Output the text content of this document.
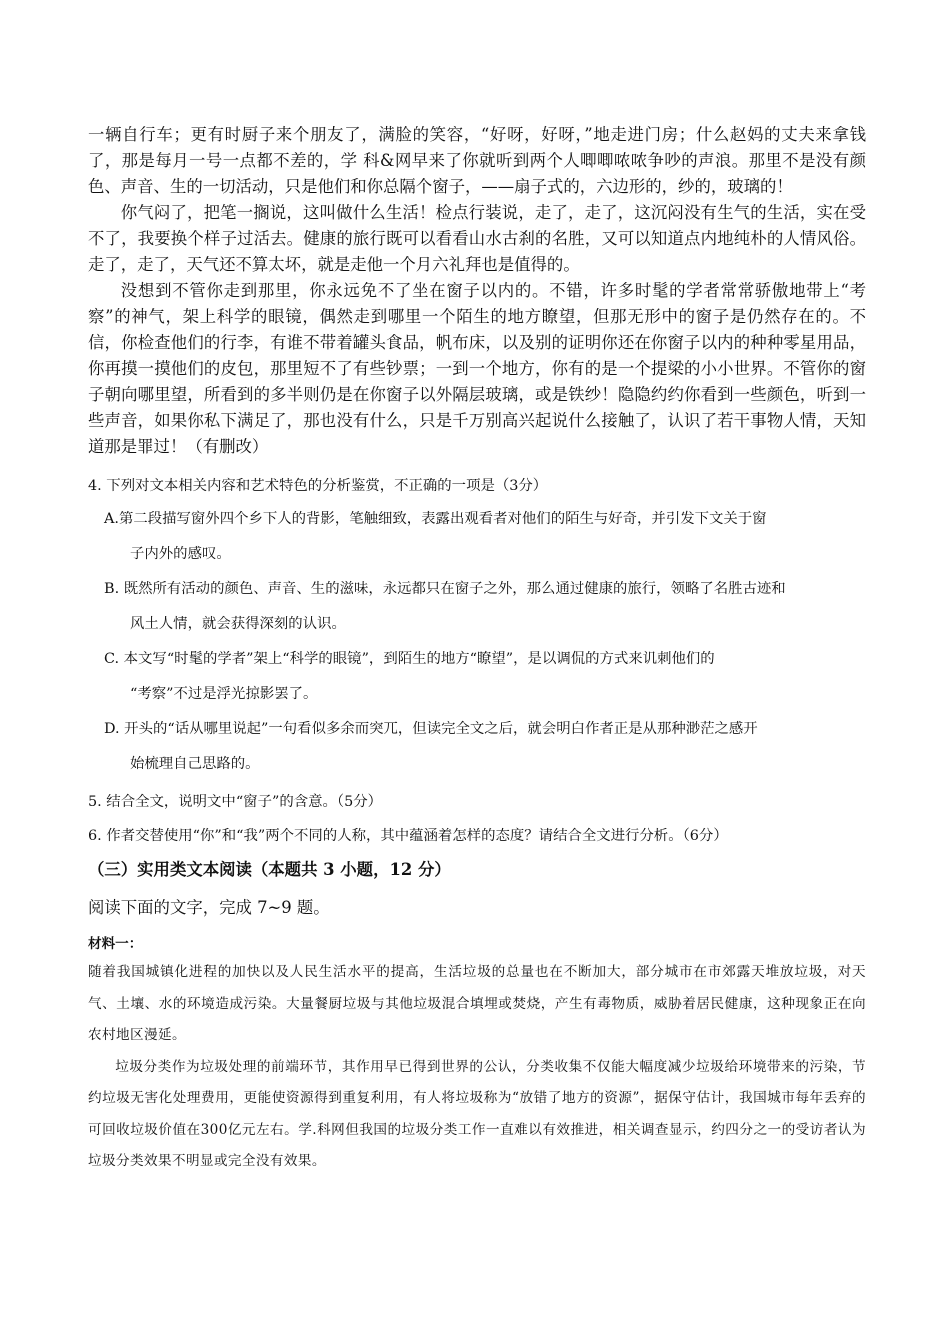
一辆自行车；更有时厨子来个朋友了，满脸的笑容，“好呀，好呀，”地走进门房；什么赵妈的丈夫来拿钱了，那是每月一号一点都不差的，学 科&网早来了你就听到两个人唧唧哝哝争吵的声浪。那里不是没有颜色、声音、生的一切活动，只是他们和你总隔个窗子，——扇子式的，六边形的，纱的，玻璃的！

你气闷了，把笔一搁说，这叫做什么生活！检点行装说，走了，走了，这沉闷没有生气的生活，实在受不了，我要换个样子过活去。健康的旅行既可以看看山水古刹的名胜，又可以知道点内地纯朴的人情风俗。走了，走了，天气还不算太坏，就是走他一个月六礼拜也是值得的。

没想到不管你走到那里，你永远免不了坐在窗子以内的。不错，许多时髦的学者常常骄傲地带上“考察”的神气，架上科学的眼镜，偶然走到哪里一个陌生的地方瞭望，但那无形中的窗子是仍然存在的。不信，你检查他们的行李，有谁不带着罐头食品，帆布床，以及别的证明你还在你窗子以内的种种零星用品，你再摸一摸他们的皮包，那里短不了有些钞票；一到一个地方，你有的是一个提梁的小小世界。不管你的窗子朝向哪里望，所看到的多半则仍是在你窗子以外隔层玻璃，或是铁纱！隐隐约约你看到一些颜色，听到一些声音，如果你私下满足了，那也没有什么，只是千万别高兴起说什么接触了，认识了若干事物人情，天知道那是罪过！（有删改）

4. 下列对文本相关内容和艺术特色的分析鉴赏，不正确的一项是（3分）

A.第二段描写窗外四个乡下人的背影，笔触细致，表露出观看者对他们的陌生与好奇，并引发下文关于窗
子内外的感叹。
B. 既然所有活动的颜色、声音、生的滋味，永远都只在窗子之外，那么通过健康的旅行，领略了名胜古迹和
风土人情，就会获得深刻的认识。
C. 本文写“时髦的学者”架上“科学的眼镜”，到陌生的地方“瞭望”，是以调侃的方式来讥刺他们的
“考察”不过是浮光掠影罢了。
D. 开头的“话从哪里说起”一句看似多余而突兀，但读完全文之后，就会明白作者正是从那种渺茫之感开
始梳理自己思路的。

5. 结合全文，说明文中“窗子”的含意。（5分）

6. 作者交替使用“你”和“我”两个不同的人称，其中蕴涵着怎样的态度？请结合全文进行分析。（6分）

（三）实用类文本阅读（本题共 3 小题，12 分）

阅读下面的文字，完成 7~9 题。

材料一：

随着我国城镇化进程的加快以及人民生活水平的提高，生活垃圾的总量也在不断加大，部分城市在市郊露天堆放垃圾，对天气、土壤、水的环境造成污染。大量餐厨垃圾与其他垃圾混合填埋或焚烧，产生有毒物质，威胁着居民健康，这种现象正在向农村地区漫延。

垃圾分类作为垃圾处理的前端环节，其作用早已得到世界的公认，分类收集不仅能大幅度减少垃圾给环境带来的污染，节约垃圾无害化处理费用，更能使资源得到重复利用，有人将垃圾称为“放错了地方的资源”，据保守估计，我国城市每年丢弃的可回收垃圾价值在300亿元左右。学.科网但我国的垃圾分类工作一直难以有效推进，相关调查显示，约四分之一的受访者认为垃圾分类效果不明显或完全没有效果。
